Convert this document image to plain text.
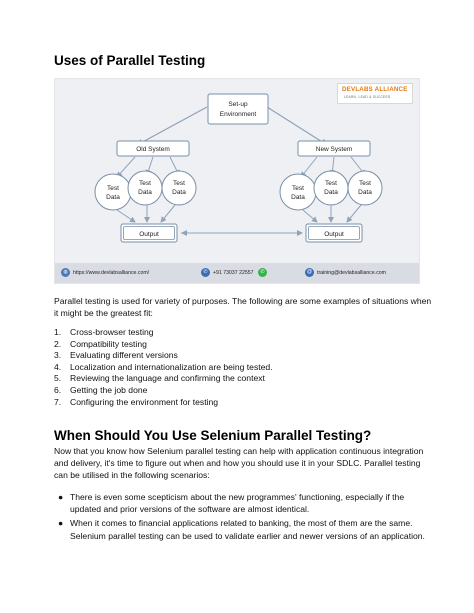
Uses of Parallel Testing
Set-up
Environment
Old System	New System
Test
Data
Test
Data
Test
Data
Test
Data
Test
Data
Test
Data
Output	Output
DEVLABS ALLIANCE
LEARN, LEAD & SUCCEED
◍ https://www.devlabsalliance.com/	✆ +91 73037 22557 ✆	@ training@devlabsalliance.com
Parallel testing is used for variety of purposes. The following are some examples of situations when it might be the greatest fit:
1. Cross-browser testing
2. Compatibility testing
3. Evaluating different versions
4. Localization and internationalization are being tested.
5. Reviewing the language and confirming the context
6. Getting the job done
7. Configuring the environment for testing
When Should You Use Selenium Parallel Testing?
Now that you know how Selenium parallel testing can help with application continuous integration and delivery, it's time to figure out when and how you should use it in your SDLC. Parallel testing can be utilised in the following scenarios:
● There is even some scepticism about the new programmes' functioning, especially if the updated and prior versions of the software are almost identical.
● When it comes to financial applications related to banking, the most of them are the same. Selenium parallel testing can be used to validate earlier and newer versions of an application.
